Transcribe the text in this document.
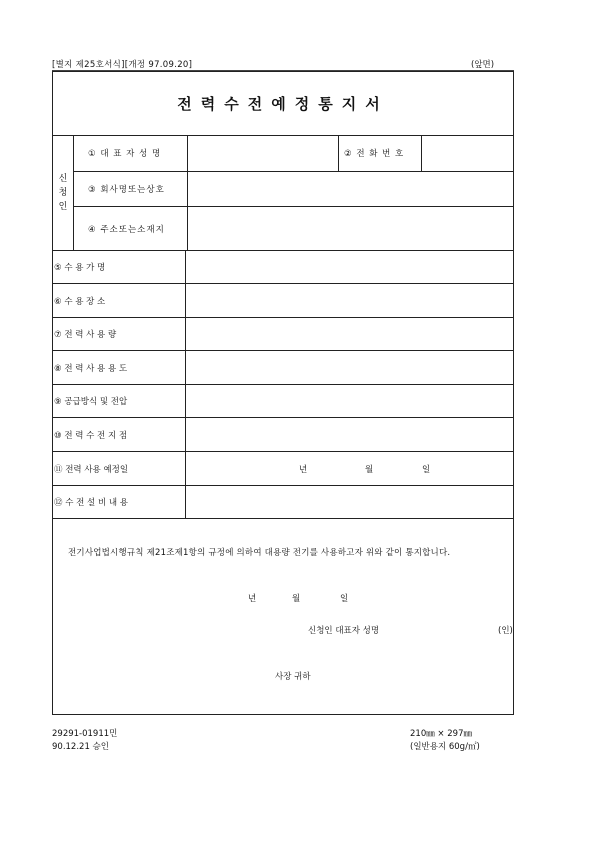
[별지 제25호서식][개정 97.09.20]	(앞면)
전력수전예정통지서
신청인
① 대 표 자 성 명	② 전 화 번 호
③ 회사명또는상호
④ 주소또는소재지
⑤ 수 용 가 명
⑥ 수 용 장 소
⑦ 전 력 사 용 량
⑧ 전 력 사 용 용 도
⑨ 공급방식 및 전압
⑩ 전 력 수 전 지 점
⑪ 전력 사용 예정일	년	월	일
⑫ 수 전 설 비 내 용
전기사업법시행규칙 제21조제1항의 규정에 의하여 대용량 전기를 사용하고자 위와 같이 통지합니다.
년	월	일
신청인 대표자 성명	(인)
사장 귀하
29291-01911민
90.12.21 승인
210㎜ × 297㎜
(일반용지 60g/㎡)
